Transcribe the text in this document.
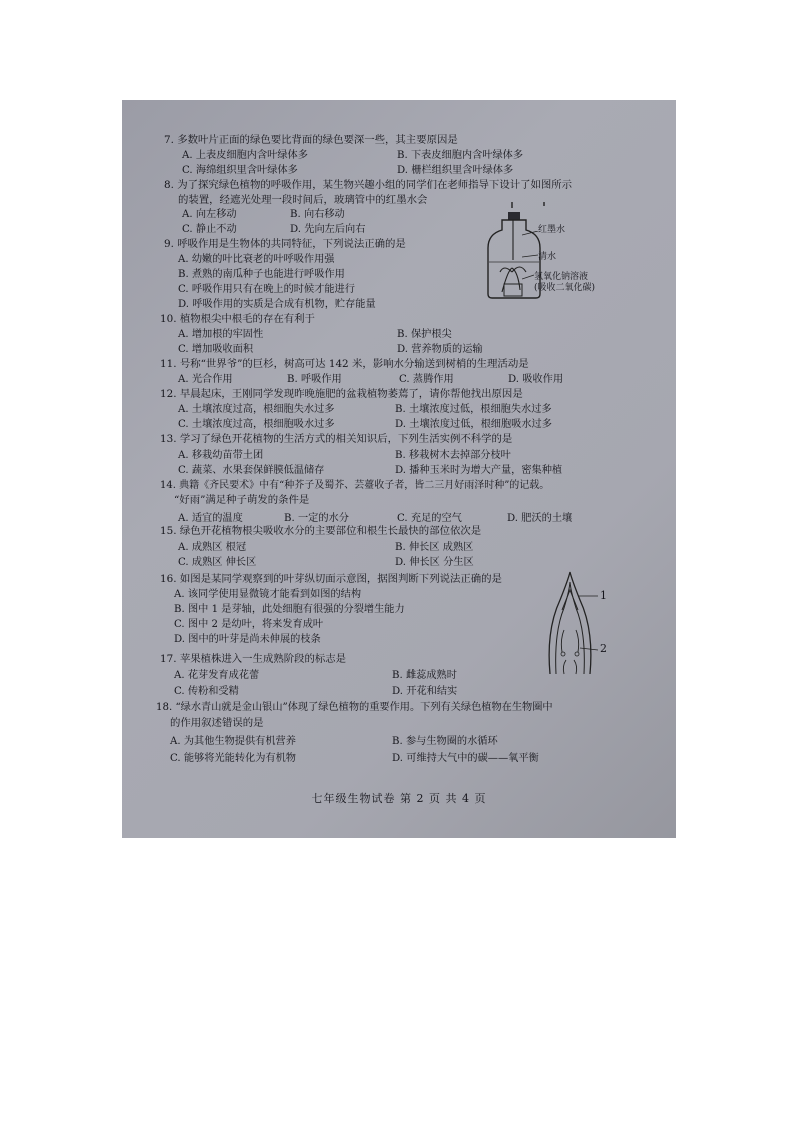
7. 多数叶片正面的绿色要比背面的绿色要深一些，其主要原因是
A. 上表皮细胞内含叶绿体多	B. 下表皮细胞内含叶绿体多
C. 海绵组织里含叶绿体多	D. 栅栏组织里含叶绿体多
8. 为了探究绿色植物的呼吸作用，某生物兴趣小组的同学们在老师指导下设计了如图所示
的装置，经遮光处理一段时间后，玻璃管中的红墨水会
A. 向左移动	B. 向右移动
C. 静止不动	D. 先向左后向右	红墨水
清水
氢氧化钠溶液
(吸收二氧化碳)
9. 呼吸作用是生物体的共同特征，下列说法正确的是
A. 幼嫩的叶比衰老的叶呼吸作用强
B. 煮熟的南瓜种子也能进行呼吸作用
C. 呼吸作用只有在晚上的时候才能进行
D. 呼吸作用的实质是合成有机物，贮存能量
10. 植物根尖中根毛的存在有利于
A. 增加根的牢固性	B. 保护根尖
C. 增加吸收面积	D. 营养物质的运输
11. 号称“世界爷”的巨杉，树高可达 142 米，影响水分输送到树梢的生理活动是
A. 光合作用	B. 呼吸作用	C. 蒸腾作用	D. 吸收作用
12. 早晨起床，王刚同学发现昨晚施肥的盆栽植物萎蔫了，请你帮他找出原因是
A. 土壤浓度过高，根细胞失水过多	B. 土壤浓度过低，根细胞失水过多
C. 土壤浓度过高，根细胞吸水过多	D. 土壤浓度过低，根细胞吸水过多
13. 学习了绿色开花植物的生活方式的相关知识后，下列生活实例不科学的是
A. 移栽幼苗带土团	B. 移栽树木去掉部分枝叶
C. 蔬菜、水果套保鲜膜低温储存	D. 播种玉米时为增大产量，密集种植
14. 典籍《齐民要术》中有“种芥子及蜀芥、芸薹收子者，皆二三月好雨泽时种”的记载。
“好雨”满足种子萌发的条件是
A. 适宜的温度	B. 一定的水分	C. 充足的空气	D. 肥沃的土壤
15. 绿色开花植物根尖吸收水分的主要部位和根生长最快的部位依次是
A. 成熟区 根冠	B. 伸长区 成熟区
C. 成熟区 伸长区	D. 伸长区 分生区
16. 如图是某同学观察到的叶芽纵切面示意图，据图判断下列说法正确的是
A. 该同学使用显微镜才能看到如图的结构
B. 图中 1 是芽轴，此处细胞有很强的分裂增生能力
C. 图中 2 是幼叶，将来发育成叶
D. 图中的叶芽是尚未伸展的枝条
1
2
17. 苹果植株进入一生成熟阶段的标志是
A. 花芽发育成花蕾	B. 雌蕊成熟时
C. 传粉和受精	D. 开花和结实
18. “绿水青山就是金山银山”体现了绿色植物的重要作用。下列有关绿色植物在生物圈中
的作用叙述错误的是
A. 为其他生物提供有机营养	B. 参与生物圈的水循环
C. 能够将光能转化为有机物	D. 可维持大气中的碳——氧平衡
七年级生物试卷 第 2 页 共 4 页
